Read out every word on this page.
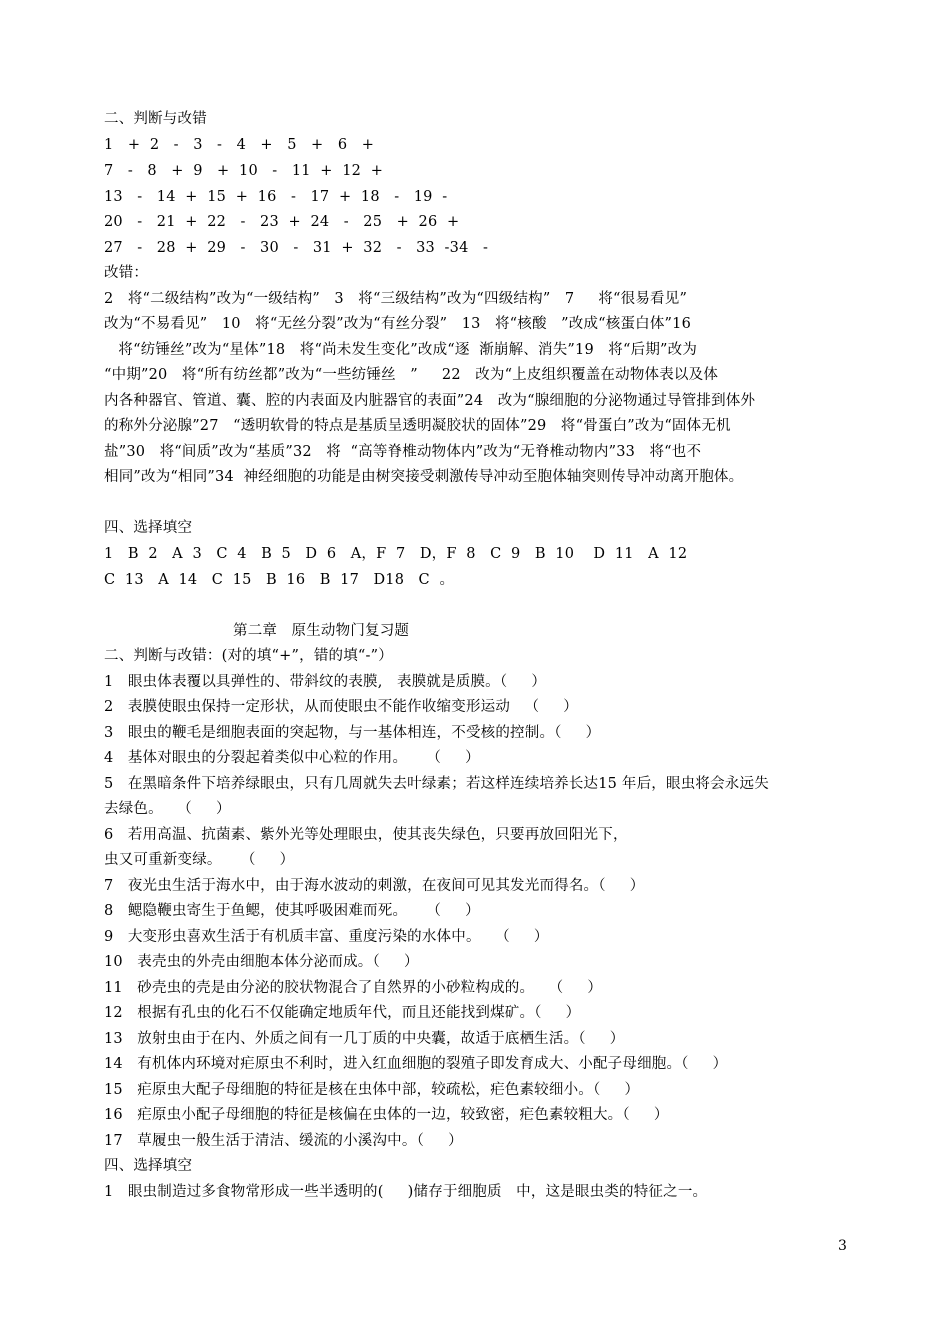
二、判断与改错
1   +  2   -   3   -   4   +   5   +   6   +
7   -   8   +  9   +  10   -   11  +  12  +
13   -   14  +  15  +  16   -   17  +  18   -   19  -
20   -   21  +  22   -   23  +  24   -   25   +  26  +
27   -   28  +  29   -   30   -   31  +  32   -   33  -34   -
改错：
2   将“二级结构”改为“一级结构”   3   将“三级结构”改为“四级结构”   7     将“很易看见”
改为“不易看见”   10   将“无丝分裂”改为“有丝分裂”   13   将“核酸   ”改成“核蛋白体”16
将“纺锤丝”改为“星体”18   将“尚未发生变化”改成“逐  渐崩解、消失”19   将“后期”改为
“中期”20   将“所有纺丝都”改为“一些纺锤丝   ”     22   改为“上皮组织覆盖在动物体表以及体
内各种器官、管道、囊、腔的内表面及内脏器官的表面”24   改为“腺细胞的分泌物通过导管排到体外
的称外分泌腺”27   “透明软骨的特点是基质呈透明凝胶状的固体”29   将“骨蛋白”改为“固体无机
盐”30   将“间质”改为“基质”32   将  “高等脊椎动物体内”改为“无脊椎动物内”33   将“也不
相同”改为“相同”34  神经细胞的功能是由树突接受刺激传导冲动至胞体轴突则传导冲动离开胞体。
四、选择填空
1   B  2   A  3   C  4   B  5   D  6   A，F  7   D，F  8   C  9   B  10    D  11   A  12
C  13   A  14   C  15   B  16   B  17   D18   C  。
第二章   原生动物门复习题
二、判断与改错：(对的填“+”，错的填“-”）
1   眼虫体表覆以具弹性的、带斜纹的表膜,   表膜就是质膜。（     ）
2   表膜使眼虫保持一定形状，从而使眼虫不能作收缩变形运动   （     ）
3   眼虫的鞭毛是细胞表面的突起物，与一基体相连，不受核的控制。（     ）
4   基体对眼虫的分裂起着类似中心粒的作用。    （     ）
5   在黑暗条件下培养绿眼虫，只有几周就失去叶绿素；若这样连续培养长达15 年后，眼虫将会永远失
去绿色。   （     ）
6   若用高温、抗菌素、紫外光等处理眼虫，使其丧失绿色，只要再放回阳光下，
虫又可重新变绿。    （     ）
7   夜光虫生活于海水中，由于海水波动的刺激，在夜间可见其发光而得名。（     ）
8   鳃隐鞭虫寄生于鱼鳃，使其呼吸困难而死。    （     ）
9   大变形虫喜欢生活于有机质丰富、重度污染的水体中。   （     ）
10   表壳虫的外壳由细胞本体分泌而成。（     ）
11   砂壳虫的壳是由分泌的胶状物混合了自然界的小砂粒构成的。   （     ）
12   根据有孔虫的化石不仅能确定地质年代，而且还能找到煤矿。（     ）
13   放射虫由于在内、外质之间有一几丁质的中央囊，故适于底栖生活。（     ）
14   有机体内环境对疟原虫不利时，进入红血细胞的裂殖子即发育成大、小配子母细胞。（     ）
15   疟原虫大配子母细胞的特征是核在虫体中部，较疏松，疟色素较细小。（     ）
16   疟原虫小配子母细胞的特征是核偏在虫体的一边，较致密，疟色素较粗大。（     ）
17   草履虫一般生活于清洁、缓流的小溪沟中。（     ）
四、选择填空
1   眼虫制造过多食物常形成一些半透明的(     )储存于细胞质   中，这是眼虫类的特征之一。
3
